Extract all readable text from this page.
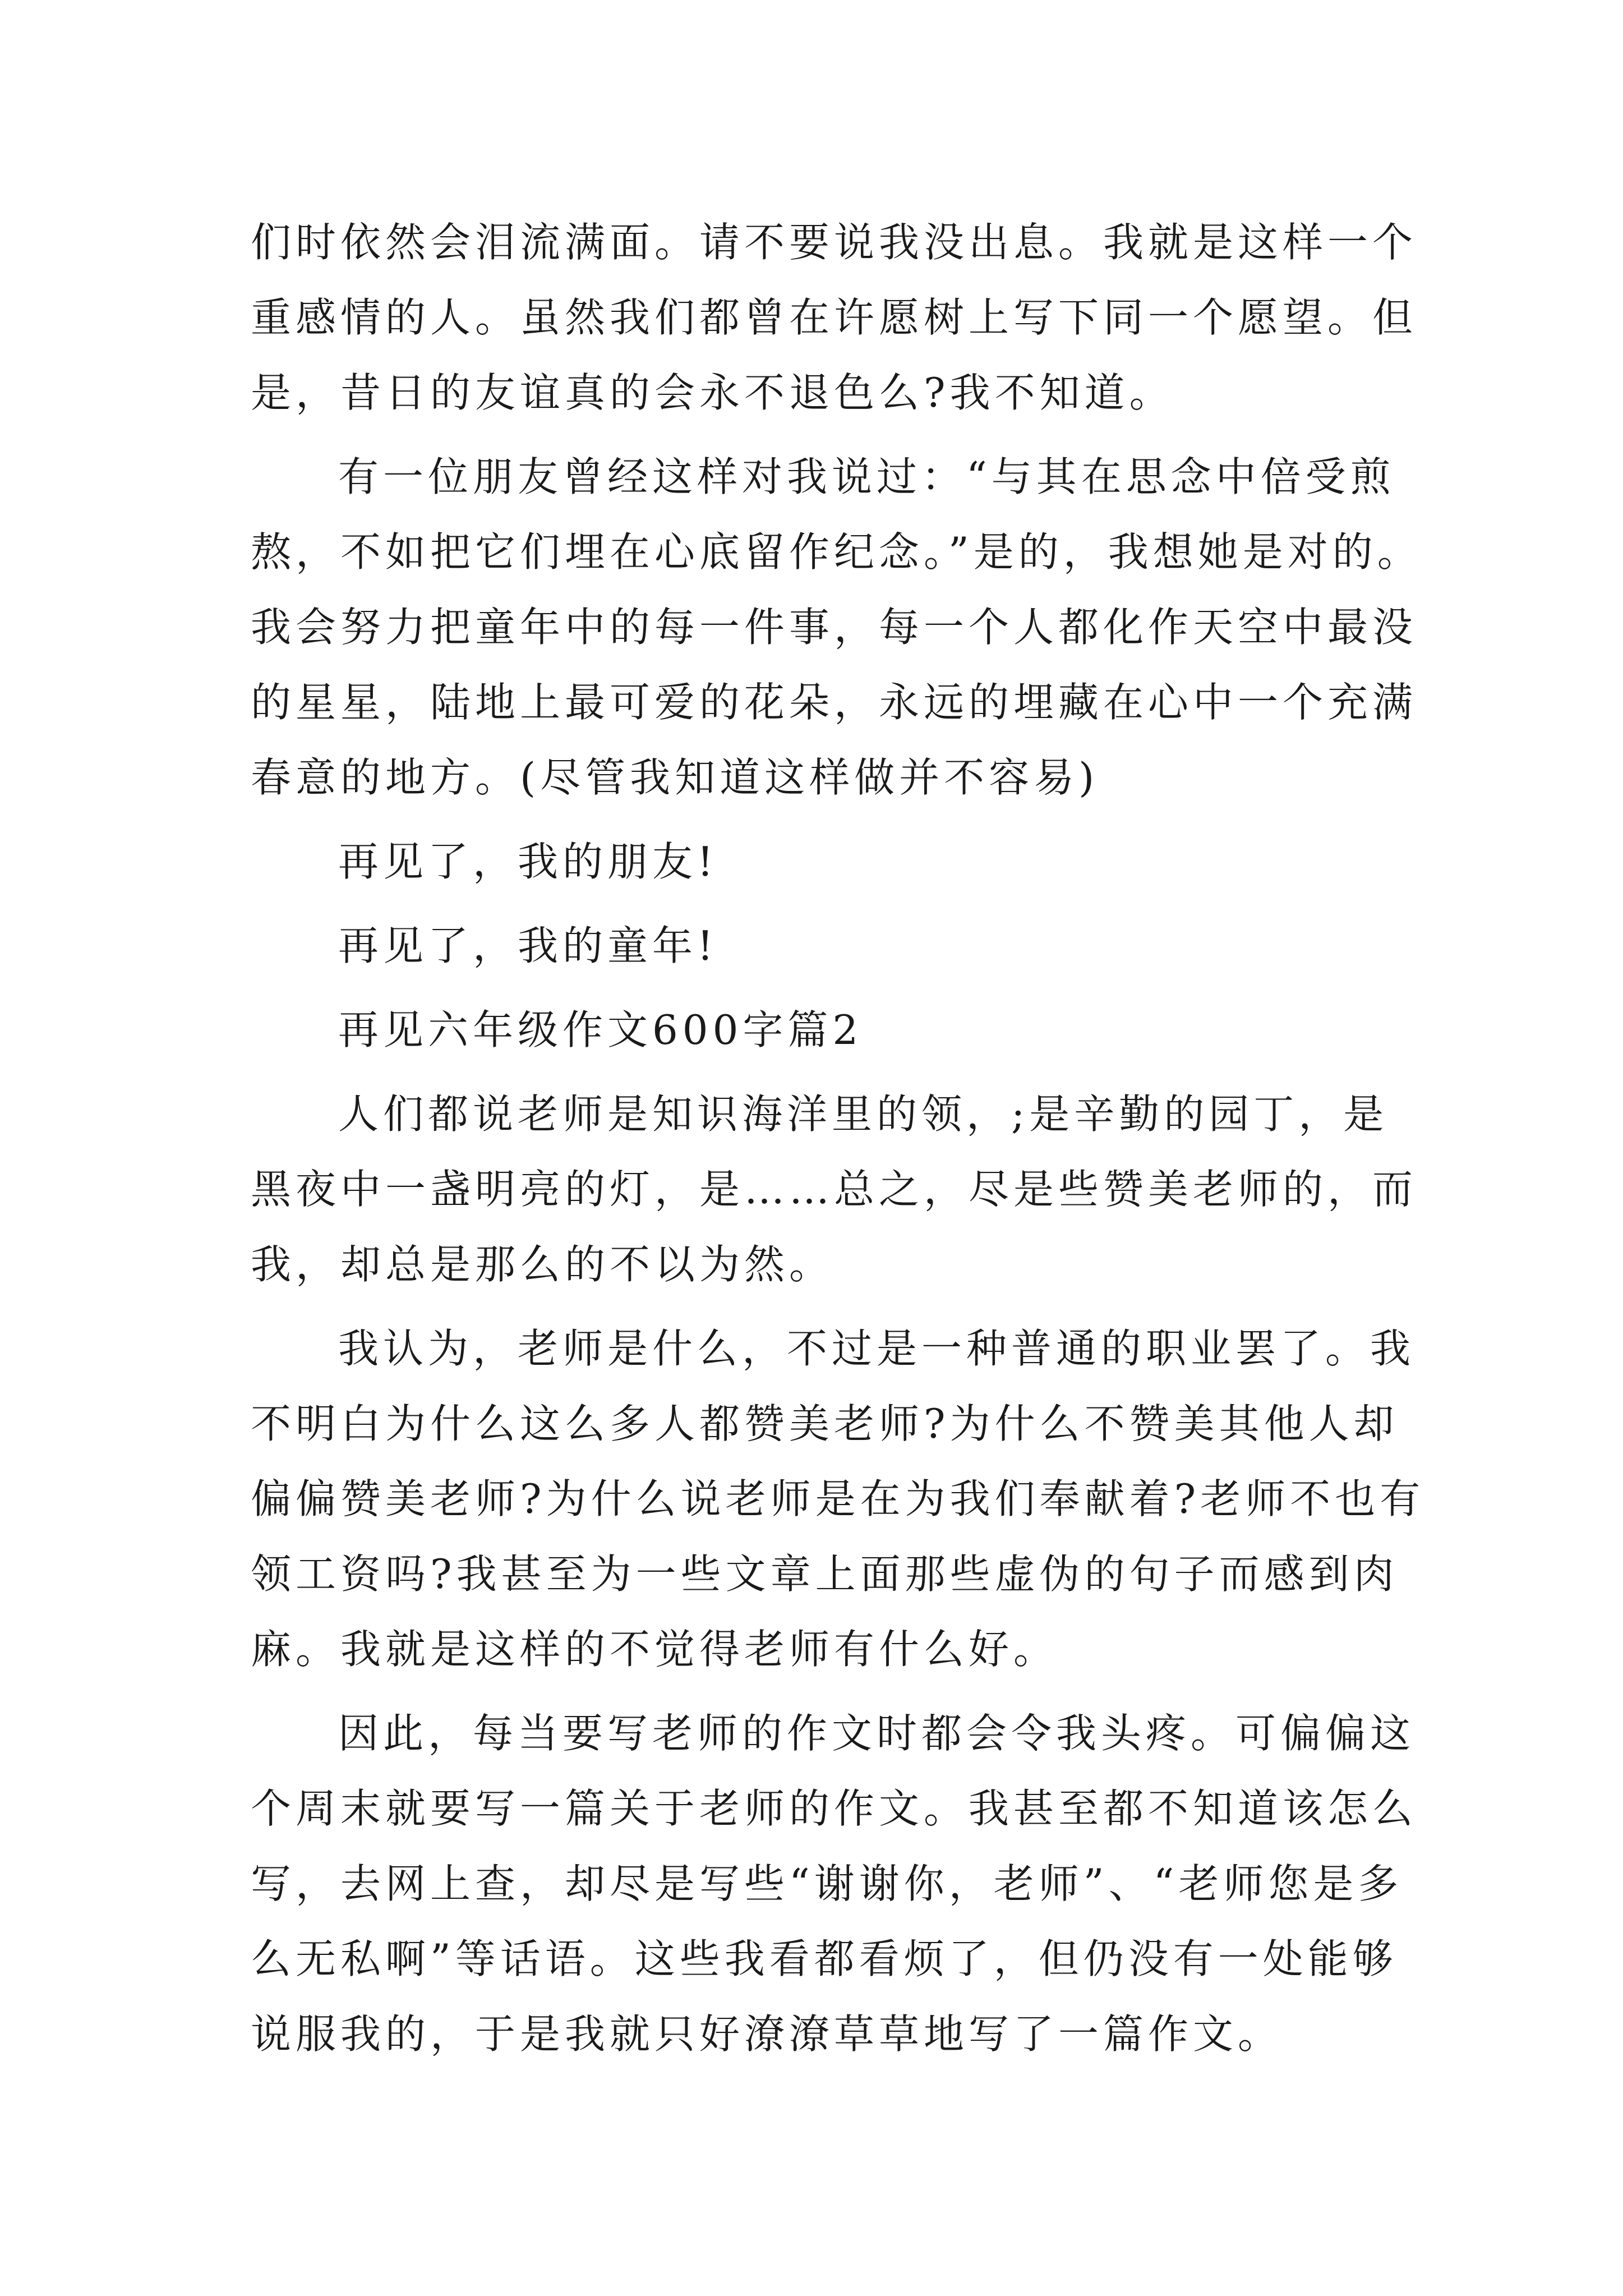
们时依然会泪流满面。请不要说我没出息。我就是这样一个
重感情的人。虽然我们都曾在许愿树上写下同一个愿望。但
是，昔日的友谊真的会永不退色么?我不知道。
有一位朋友曾经这样对我说过：“与其在思念中倍受煎
熬，不如把它们埋在心底留作纪念。”是的，我想她是对的。
我会努力把童年中的每一件事，每一个人都化作天空中最没
的星星，陆地上最可爱的花朵，永远的埋藏在心中一个充满
春意的地方。(尽管我知道这样做并不容易)
再见了，我的朋友!
再见了，我的童年!
再见六年级作文600字篇2
人们都说老师是知识海洋里的领，;是辛勤的园丁，是
黑夜中一盏明亮的灯，是……总之，尽是些赞美老师的，而
我，却总是那么的不以为然。
我认为，老师是什么，不过是一种普通的职业罢了。我
不明白为什么这么多人都赞美老师?为什么不赞美其他人却
偏偏赞美老师?为什么说老师是在为我们奉献着?老师不也有
领工资吗?我甚至为一些文章上面那些虚伪的句子而感到肉
麻。我就是这样的不觉得老师有什么好。
因此，每当要写老师的作文时都会令我头疼。可偏偏这
个周末就要写一篇关于老师的作文。我甚至都不知道该怎么
写，去网上查，却尽是写些“谢谢你，老师”、“老师您是多
么无私啊”等话语。这些我看都看烦了，但仍没有一处能够
说服我的，于是我就只好潦潦草草地写了一篇作文。
